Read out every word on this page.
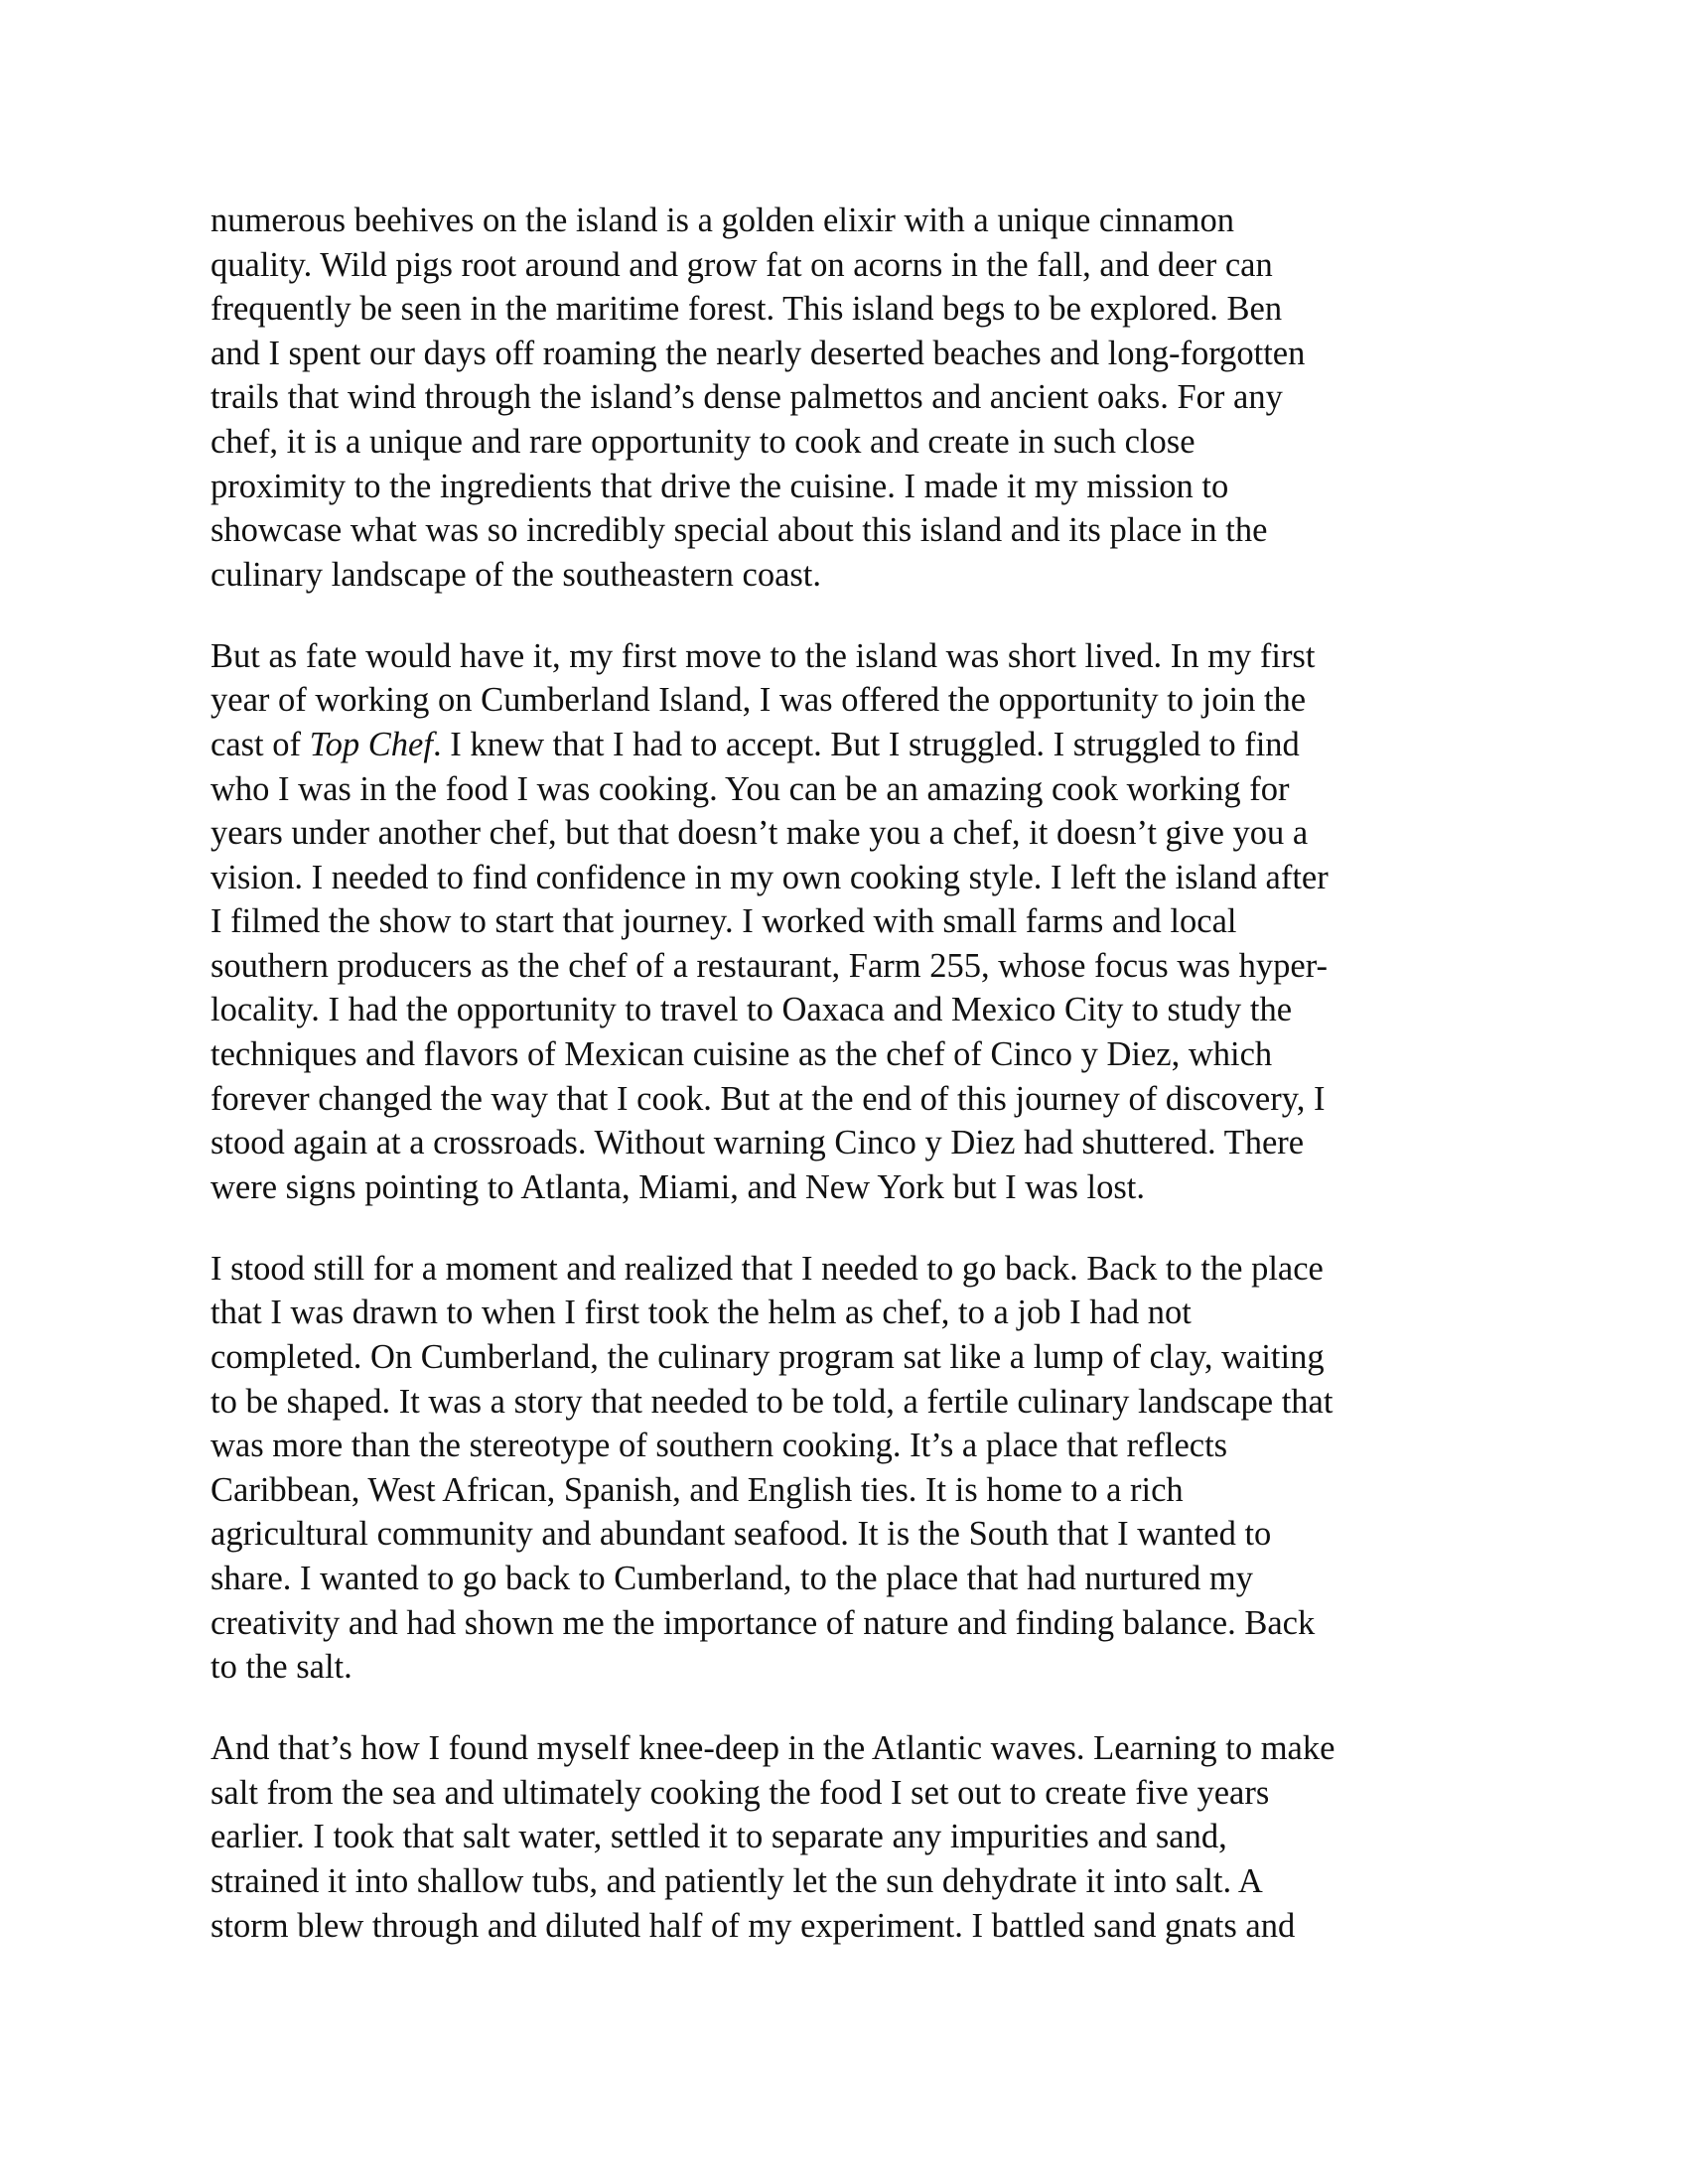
numerous beehives on the island is a golden elixir with a unique cinnamon
quality. Wild pigs root around and grow fat on acorns in the fall, and deer can
frequently be seen in the maritime forest. This island begs to be explored. Ben
and I spent our days off roaming the nearly deserted beaches and long-forgotten
trails that wind through the island’s dense palmettos and ancient oaks. For any
chef, it is a unique and rare opportunity to cook and create in such close
proximity to the ingredients that drive the cuisine. I made it my mission to
showcase what was so incredibly special about this island and its place in the
culinary landscape of the southeastern coast.
But as fate would have it, my first move to the island was short lived. In my first
year of working on Cumberland Island, I was offered the opportunity to join the
cast of Top Chef. I knew that I had to accept. But I struggled. I struggled to find
who I was in the food I was cooking. You can be an amazing cook working for
years under another chef, but that doesn’t make you a chef, it doesn’t give you a
vision. I needed to find confidence in my own cooking style. I left the island after
I filmed the show to start that journey. I worked with small farms and local
southern producers as the chef of a restaurant, Farm 255, whose focus was hyper-
locality. I had the opportunity to travel to Oaxaca and Mexico City to study the
techniques and flavors of Mexican cuisine as the chef of Cinco y Diez, which
forever changed the way that I cook. But at the end of this journey of discovery, I
stood again at a crossroads. Without warning Cinco y Diez had shuttered. There
were signs pointing to Atlanta, Miami, and New York but I was lost.
I stood still for a moment and realized that I needed to go back. Back to the place
that I was drawn to when I first took the helm as chef, to a job I had not
completed. On Cumberland, the culinary program sat like a lump of clay, waiting
to be shaped. It was a story that needed to be told, a fertile culinary landscape that
was more than the stereotype of southern cooking. It’s a place that reflects
Caribbean, West African, Spanish, and English ties. It is home to a rich
agricultural community and abundant seafood. It is the South that I wanted to
share. I wanted to go back to Cumberland, to the place that had nurtured my
creativity and had shown me the importance of nature and finding balance. Back
to the salt.
And that’s how I found myself knee-deep in the Atlantic waves. Learning to make
salt from the sea and ultimately cooking the food I set out to create five years
earlier. I took that salt water, settled it to separate any impurities and sand,
strained it into shallow tubs, and patiently let the sun dehydrate it into salt. A
storm blew through and diluted half of my experiment. I battled sand gnats and
